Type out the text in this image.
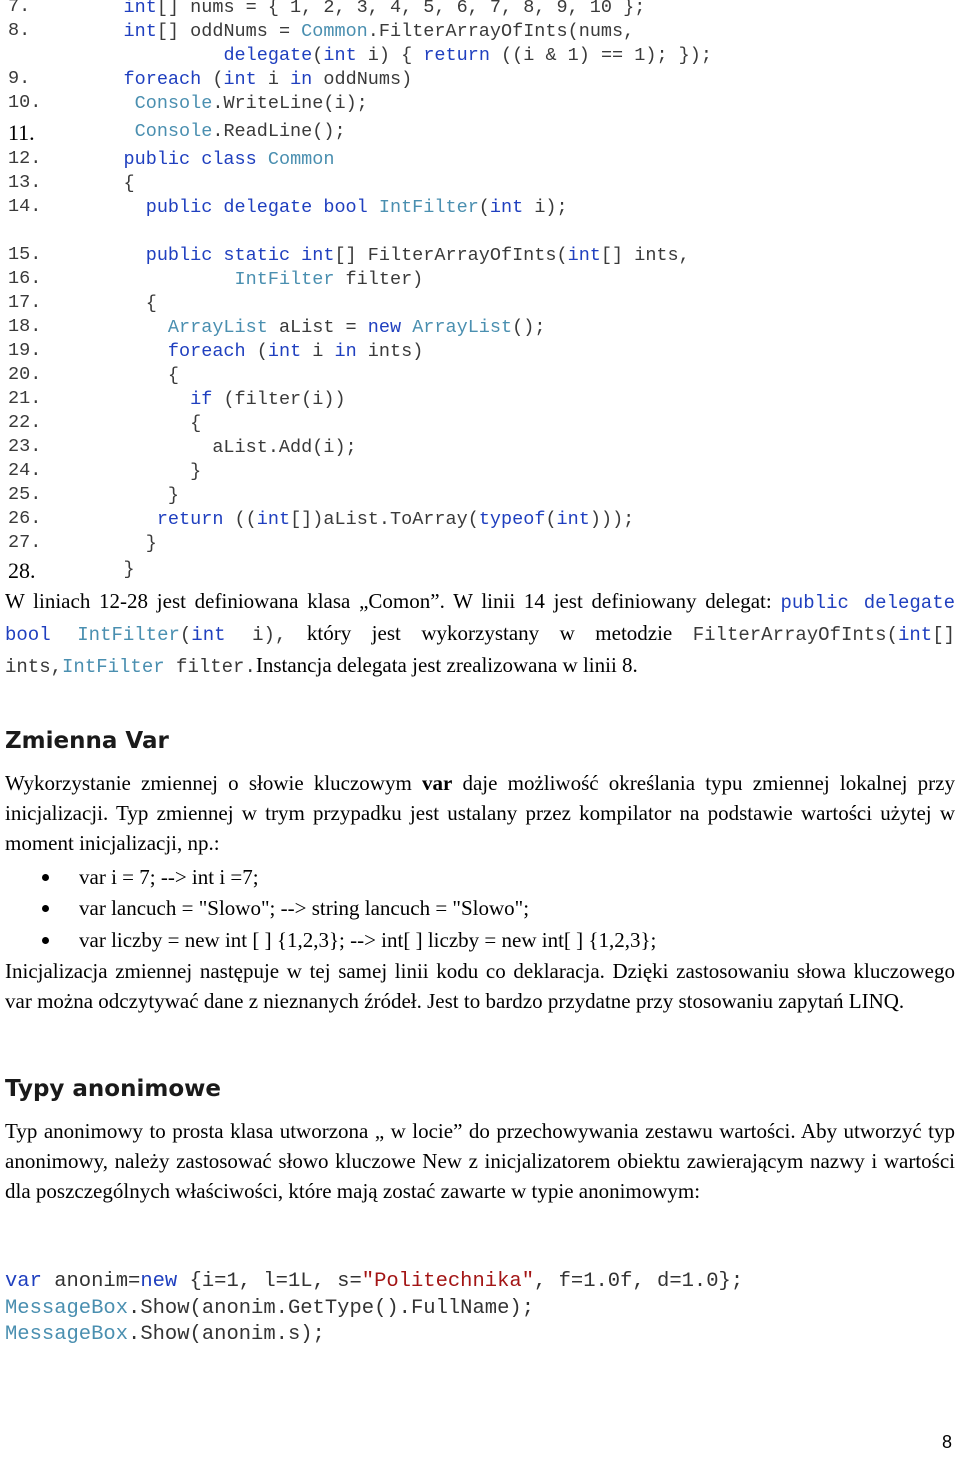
7.	int[] nums = { 1, 2, 3, 4, 5, 6, 7, 8, 9, 10 };
8.	int[] oddNums = Common.FilterArrayOfInts(nums,
delegate(int i) { return ((i & 1) == 1); });
9.	foreach (int i in oddNums)
10.	Console.WriteLine(i);
11.	Console.ReadLine();
12.	public class Common
13. {
14.	public delegate bool IntFilter(int i);
15.	public static int[] FilterArrayOfInts(int[] ints,
16.	IntFilter filter)
17. {
18.	ArrayList aList = new ArrayList();
19.	foreach (int i in ints)
20. {
21.	if (filter(i))
22. {
23. aList.Add(i);
24. }
25. }
26.	return ((int[])aList.ToArray(typeof(int)));
27. }
28. }
W liniach 12-28 jest definiowana klasa „Comon”. W linii 14 jest definiowany delegat: public delegate bool IntFilter(int i), który jest wykorzystany w metodzie FilterArrayOfInts(int[] ints,IntFilter filter.Instancja delegata jest zrealizowana w linii 8.
Zmienna Var
Wykorzystanie zmiennej o słowie kluczowym var daje możliwość określania typu zmiennej lokalnej przy inicjalizacji. Typ zmiennej w trym przypadku jest ustalany przez kompilator na podstawie wartości użytej w moment inicjalizacji, np.:
var i = 7; --> int i =7;
var lancuch = "Slowo"; --> string lancuch = "Slowo";
var liczby = new int [ ] {1,2,3}; --> int[ ] liczby = new int[ ] {1,2,3};
Inicjalizacja zmiennej następuje w tej samej linii kodu co deklaracja. Dzięki zastosowaniu słowa kluczowego var można odczytywać dane z nieznanych źródeł. Jest to bardzo przydatne przy stosowaniu zapytań LINQ.
Typy anonimowe
Typ anonimowy to prosta klasa utworzona „ w locie” do przechowywania zestawu wartości. Aby utworzyć typ anonimowy, należy zastosować słowo kluczowe New z inicjalizatorem obiektu zawierającym nazwy i wartości dla poszczególnych właściwości, które mają zostać zawarte w typie anonimowym:
var anonim=new {i=1, l=1L, s="Politechnika", f=1.0f, d=1.0};
MessageBox.Show(anonim.GetType().FullName);
MessageBox.Show(anonim.s);
8
